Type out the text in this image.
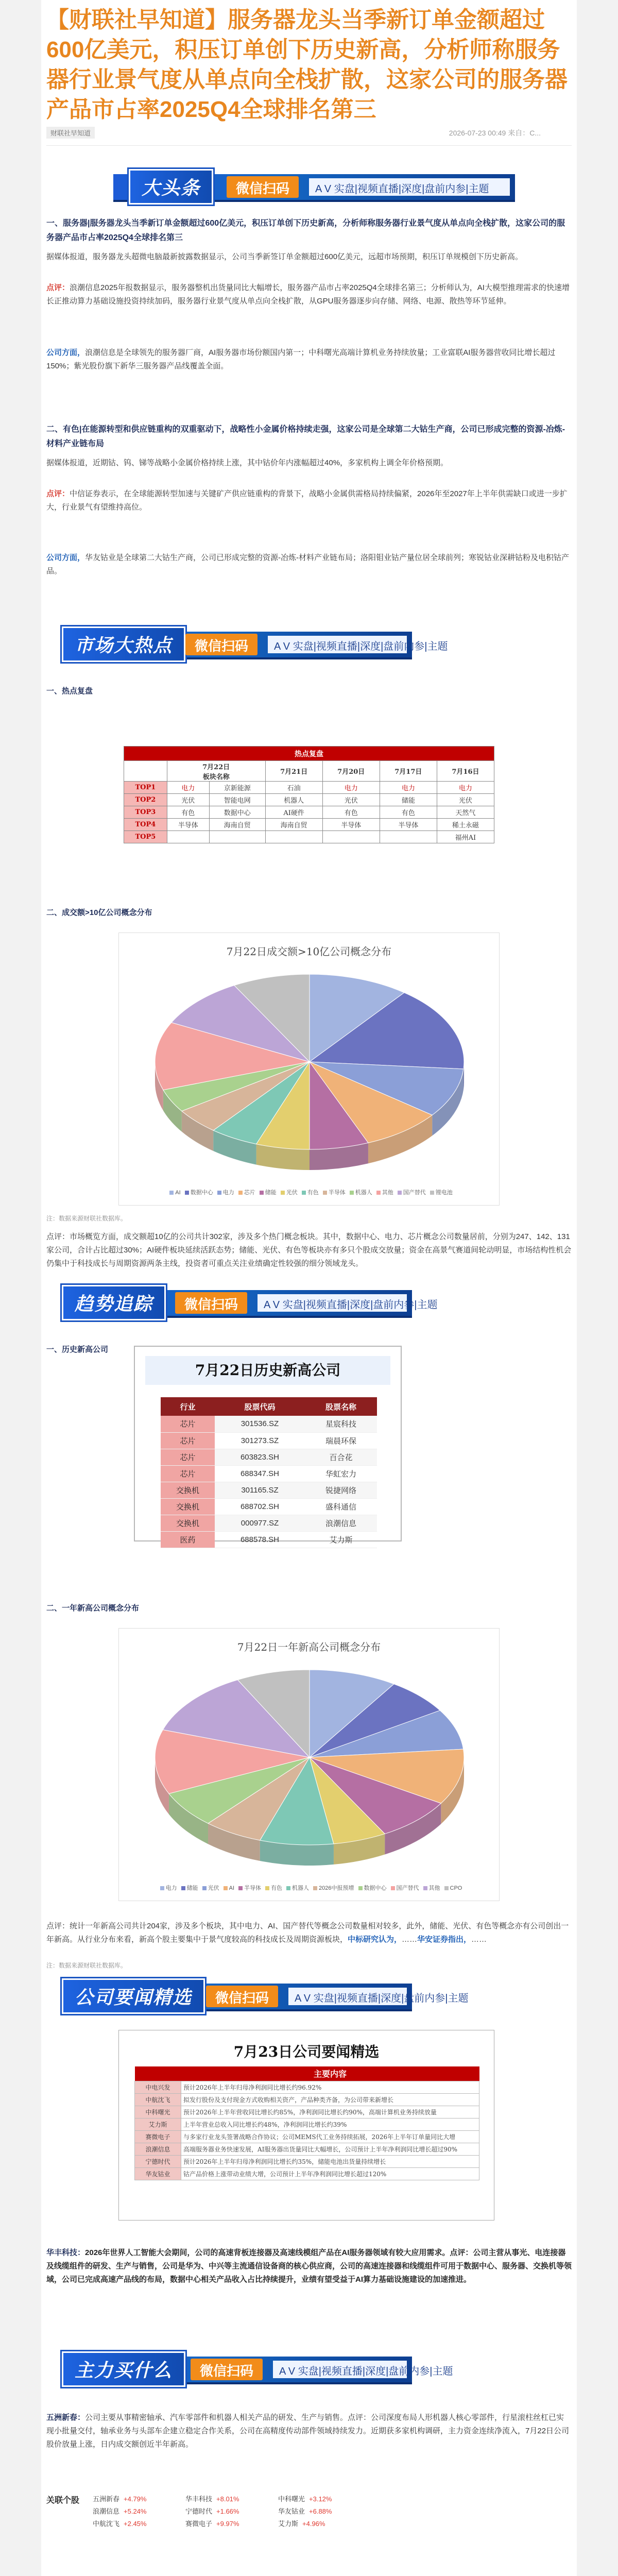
【财联社早知道】服务器龙头当季新订单金额超过600亿美元，积压订单创下历史新高，分析师称服务器行业景气度从单点向全栈扩散，这家公司的服务器产品市占率2025Q4全球排名第三
财联社早知道	2026-07-23 00:49 来自：C...
大头条	微信扫码	A V 实盘|视频直播|深度|盘前内参|主题
一、服务器|服务器龙头当季新订单金额超过600亿美元，积压订单创下历史新高，分析师称服务器行业景气度从单点向全栈扩散，这家公司的服务器产品市占率2025Q4全球排名第三
据媒体报道，服务器龙头超微电脑最新披露数据显示，公司当季新签订单金额超过600亿美元，远超市场预期，积压订单规模创下历史新高。
点评：浪潮信息2025年报数据显示，服务器整机出货量同比大幅增长，服务器产品市占率2025Q4全球排名第三；分析师认为，AI大模型推理需求的快速增长正推动算力基础设施投资持续加码，服务器行业景气度从单点向全栈扩散，从GPU服务器逐步向存储、网络、电源、散热等环节延伸。
公司方面，浪潮信息是全球领先的服务器厂商，AI服务器市场份额国内第一；中科曙光高端计算机业务持续放量；工业富联AI服务器营收同比增长超过150%；紫光股份旗下新华三服务器产品线覆盖全面。
二、有色|在能源转型和供应链重构的双重驱动下，战略性小金属价格持续走强，这家公司是全球第二大钴生产商，公司已形成完整的资源-冶炼-材料产业链布局
据媒体报道，近期钴、钨、锑等战略小金属价格持续上涨，其中钴价年内涨幅超过40%，多家机构上调全年价格预期。
点评：中信证券表示，在全球能源转型加速与关键矿产供应链重构的背景下，战略小金属供需格局持续偏紧，2026年至2027年上半年供需缺口或进一步扩大，行业景气有望维持高位。
公司方面，华友钴业是全球第二大钴生产商，公司已形成完整的资源-冶炼-材料产业链布局；洛阳钼业钴产量位居全球前列；寒锐钴业深耕钴粉及电积钴产品。
市场大热点	微信扫码	A V 实盘|视频直播|深度|盘前内参|主题
一、热点复盘
热点复盘						
	7月22日
板块名称		7月21日	7月20日	7月17日	7月16日
TOP1	电力	京新能源	石油	电力	电力	电力
TOP2	光伏	智能电网	机器人	光伏	储能	光伏
TOP3	有色	数据中心	AI硬件	有色	有色	天然气
TOP4	半导体	海南自贸	海南自贸	半导体	半导体	稀土永磁
TOP5						福州AI
二、成交额>10亿公司概念分布
7月22日成交额>10亿公司概念分布
AI 数据中心 电力 芯片 储能 光伏 有色 半导体 机器人 其他 国产替代 锂电池
注：数据来源财联社数据库。
点评：市场概览方面，成交额超10亿的公司共计302家，涉及多个热门概念板块。其中，数据中心、电力、芯片概念公司数量居前，分别为247、142、131家公司，合计占比超过30%；AI硬件板块延续活跃态势；储能、光伏、有色等板块亦有多只个股成交放量；资金在高景气赛道间轮动明显，市场结构性机会仍集中于科技成长与周期资源两条主线，投资者可重点关注业绩确定性较强的细分领域龙头。
趋势追踪	微信扫码	A V 实盘|视频直播|深度|盘前内参|主题
一、历史新高公司
7月22日历史新高公司
行业	股票代码	股票名称
芯片	301536.SZ	星宸科技
芯片	301273.SZ	瑞晨环保
芯片	603823.SH	百合花
芯片	688347.SH	华虹宏力
交换机	301165.SZ	锐捷网络
交换机	688702.SH	盛科通信
交换机	000977.SZ	浪潮信息
医药	688578.SH	艾力斯
二、一年新高公司概念分布
7月22日一年新高公司概念分布
电力 储能 光伏 AI 半导体 有色 机器人 2026中报预增 数据中心 国产替代 其他 CPO
点评：统计一年新高公司共计204家，涉及多个板块，其中电力、AI、国产替代等概念公司数量相对较多，此外，储能、光伏、有色等概念亦有公司创出一年新高。从行业分布来看，新高个股主要集中于景气度较高的科技成长及周期资源板块，中标研究认为，……华安证券指出，……
注：数据来源财联社数据库。
公司要闻精选	微信扫码	A V 实盘|视频直播|深度|盘前内参|主题
7月23日公司要闻精选
	主要内容
中电兴发	预计2026年上半年归母净利润同比增长约96.92%
中航沈飞	拟发行股份及支付现金方式收购相关资产，产品种类齐备，为公司带来新增长
中科曙光	预计2026年上半年营收同比增长约85%，净利润同比增长约90%，高端计算机业务持续放量
艾力斯	上半年营业总收入同比增长约48%，净利润同比增长约39%
赛微电子	与多家行业龙头签署战略合作协议；公司MEMS代工业务持续拓展，2026年上半年订单量同比大增
浪潮信息	高端服务器业务快速发展，AI服务器出货量同比大幅增长，公司预计上半年净利润同比增长超过90%
宁德时代	预计2026年上半年归母净利润同比增长约35%，储能电池出货量持续增长
华友钴业	钴产品价格上涨带动业绩大增，公司预计上半年净利润同比增长超过120%
华丰科技：2026年世界人工智能大会期间，公司的高速背板连接器及高速线模组产品在AI服务器领域有较大应用需求。点评：公司主营从事光、电连接器及线缆组件的研发、生产与销售，公司是华为、中兴等主流通信设备商的核心供应商，公司的高速连接器和线缆组件可用于数据中心、服务器、交换机等领域，公司已完成高速产品线的布局，数据中心相关产品收入占比持续提升，业绩有望受益于AI算力基础设施建设的加速推进。
主力买什么	微信扫码	A V 实盘|视频直播|深度|盘前内参|主题
五洲新春：公司主要从事精密轴承、汽车零部件和机器人相关产品的研发、生产与销售。点评：公司深度布局人形机器人核心零部件，行星滚柱丝杠已实现小批量交付，轴承业务与头部车企建立稳定合作关系，公司在高精度传动部件领域持续发力。近期获多家机构调研，主力资金连续净流入，7月22日公司股价放量上涨，日内成交额创近半年新高。
关联个股 五洲新春 +4.79%	华丰科技 +8.01%	中科曙光 +3.12%
浪潮信息 +5.24%	宁德时代 +1.66%	华友钴业 +6.88%
中航沈飞 +2.45%	赛微电子 +9.97%	艾力斯 +4.96%
